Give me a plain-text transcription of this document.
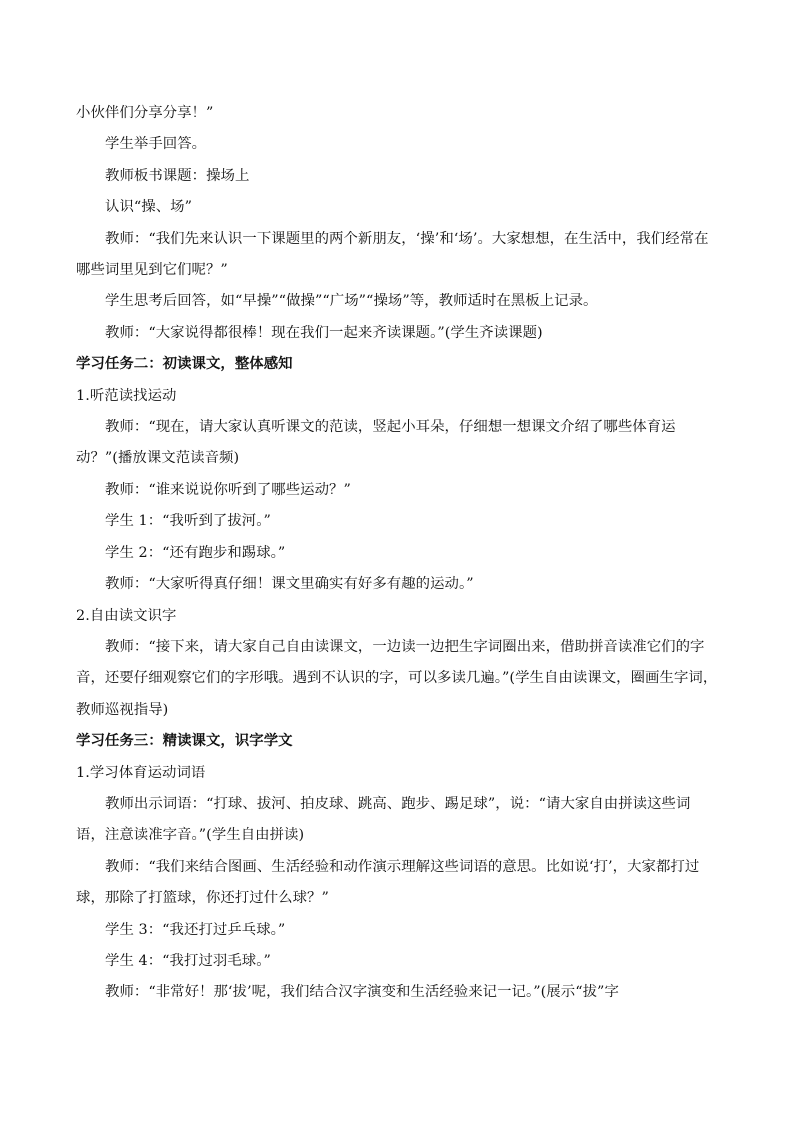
小伙伴们分享分享！”

学生举手回答。

教师板书课题：操场上

认识“操、场”

教师：“我们先来认识一下课题里的两个新朋友，‘操’和‘场’。大家想想，在生活中，我们经常在哪些词里见到它们呢？”

学生思考后回答，如“早操”“做操”“广场”“操场”等，教师适时在黑板上记录。

教师：“大家说得都很棒！现在我们一起来齐读课题。”(学生齐读课题)

学习任务二：初读课文，整体感知

1.听范读找运动

教师：“现在，请大家认真听课文的范读，竖起小耳朵，仔细想一想课文介绍了哪些体育运动？”(播放课文范读音频)

教师：“谁来说说你听到了哪些运动？”

学生 1：“我听到了拔河。”

学生 2：“还有跑步和踢球。”

教师：“大家听得真仔细！课文里确实有好多有趣的运动。”

2.自由读文识字

教师：“接下来，请大家自己自由读课文，一边读一边把生字词圈出来，借助拼音读准它们的字音，还要仔细观察它们的字形哦。遇到不认识的字，可以多读几遍。”(学生自由读课文，圈画生字词，教师巡视指导)

学习任务三：精读课文，识字学文

1.学习体育运动词语

教师出示词语：“打球、拔河、拍皮球、跳高、跑步、踢足球”，说：“请大家自由拼读这些词语，注意读准字音。”(学生自由拼读)

教师：“我们来结合图画、生活经验和动作演示理解这些词语的意思。比如说‘打’，大家都打过球，那除了打篮球，你还打过什么球？”

学生 3：“我还打过乒乓球。”

学生 4：“我打过羽毛球。”

教师：“非常好！那‘拔’呢，我们结合汉字演变和生活经验来记一记。”(展示“拔”字
